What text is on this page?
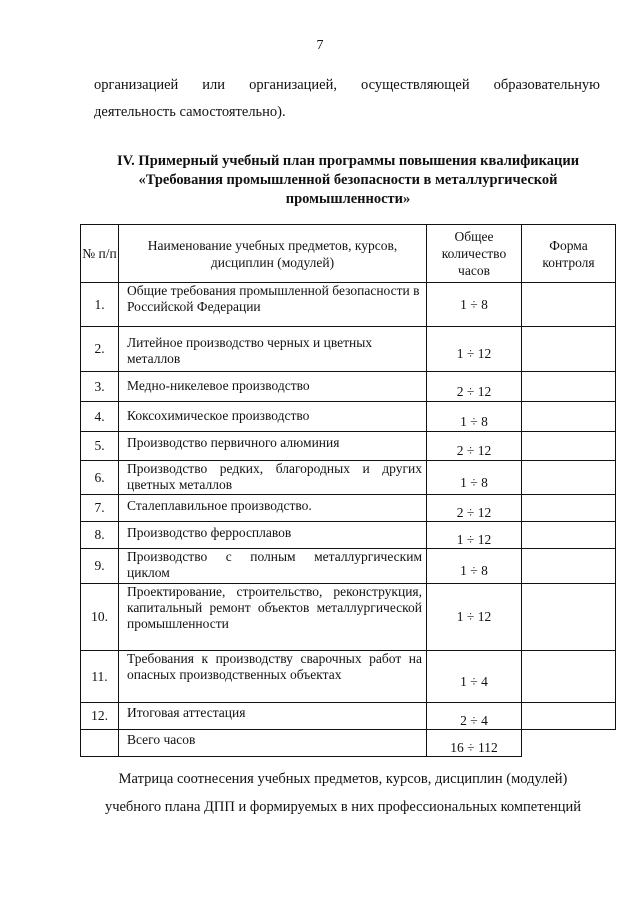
7
организацией или организацией, осуществляющей образовательную
деятельность самостоятельно).
IV. Примерный учебный план программы повышения квалификации
«Требования промышленной безопасности в металлургической
промышленности»
№ п/п	Наименование учебных предметов, курсов, дисциплин (модулей)	Общее количество часов	Форма контроля
1.	Общие требования промышленной безопасности в Российской Федерации	1 ÷ 8	
2.	Литейное производство черных и цветных металлов	1 ÷ 12	
3.	Медно-никелевое производство	2 ÷ 12	
4.	Коксохимическое производство	1 ÷ 8	
5.	Производство первичного алюминия	2 ÷ 12	
6.	Производство редких, благородных и других цветных металлов	1 ÷ 8	
7.	Сталеплавильное производство.	2 ÷ 12	
8.	Производство ферросплавов	1 ÷ 12	
9.	Производство с полным металлургическим циклом	1 ÷ 8	
10.	Проектирование, строительство, реконструкция, капитальный ремонт объектов металлургической промышленности	1 ÷ 12	
11.	Требования к производству сварочных работ на опасных производственных объектах	1 ÷ 4	
12.	Итоговая аттестация	2 ÷ 4	
	Всего часов	16 ÷ 112	
Матрица соотнесения учебных предметов, курсов, дисциплин (модулей)
учебного плана ДПП и формируемых в них профессиональных компетенций
